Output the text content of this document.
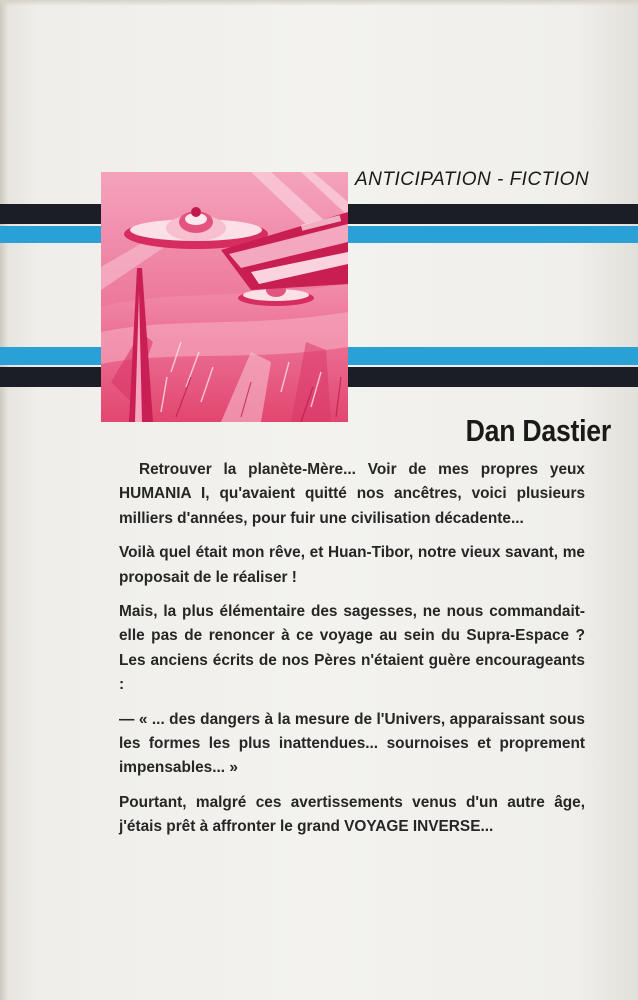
ANTICIPATION - FICTION
Dan Dastier

Retrouver la planète-Mère... Voir de mes propres yeux HUMANIA I, qu'avaient quitté nos ancêtres, voici plusieurs milliers d'années, pour fuir une civilisation décadente...

Voilà quel était mon rêve, et Huan-Tibor, notre vieux savant, me proposait de le réaliser !

Mais, la plus élémentaire des sagesses, ne nous commandait-elle pas de renoncer à ce voyage au sein du Supra-Espace ? Les anciens écrits de nos Pères n'étaient guère encourageants :

— « ... des dangers à la mesure de l'Univers, apparaissant sous les formes les plus inattendues... sournoises et proprement impensables... »

Pourtant, malgré ces avertissements venus d'un autre âge, j'étais prêt à affronter le grand VOYAGE INVERSE...
